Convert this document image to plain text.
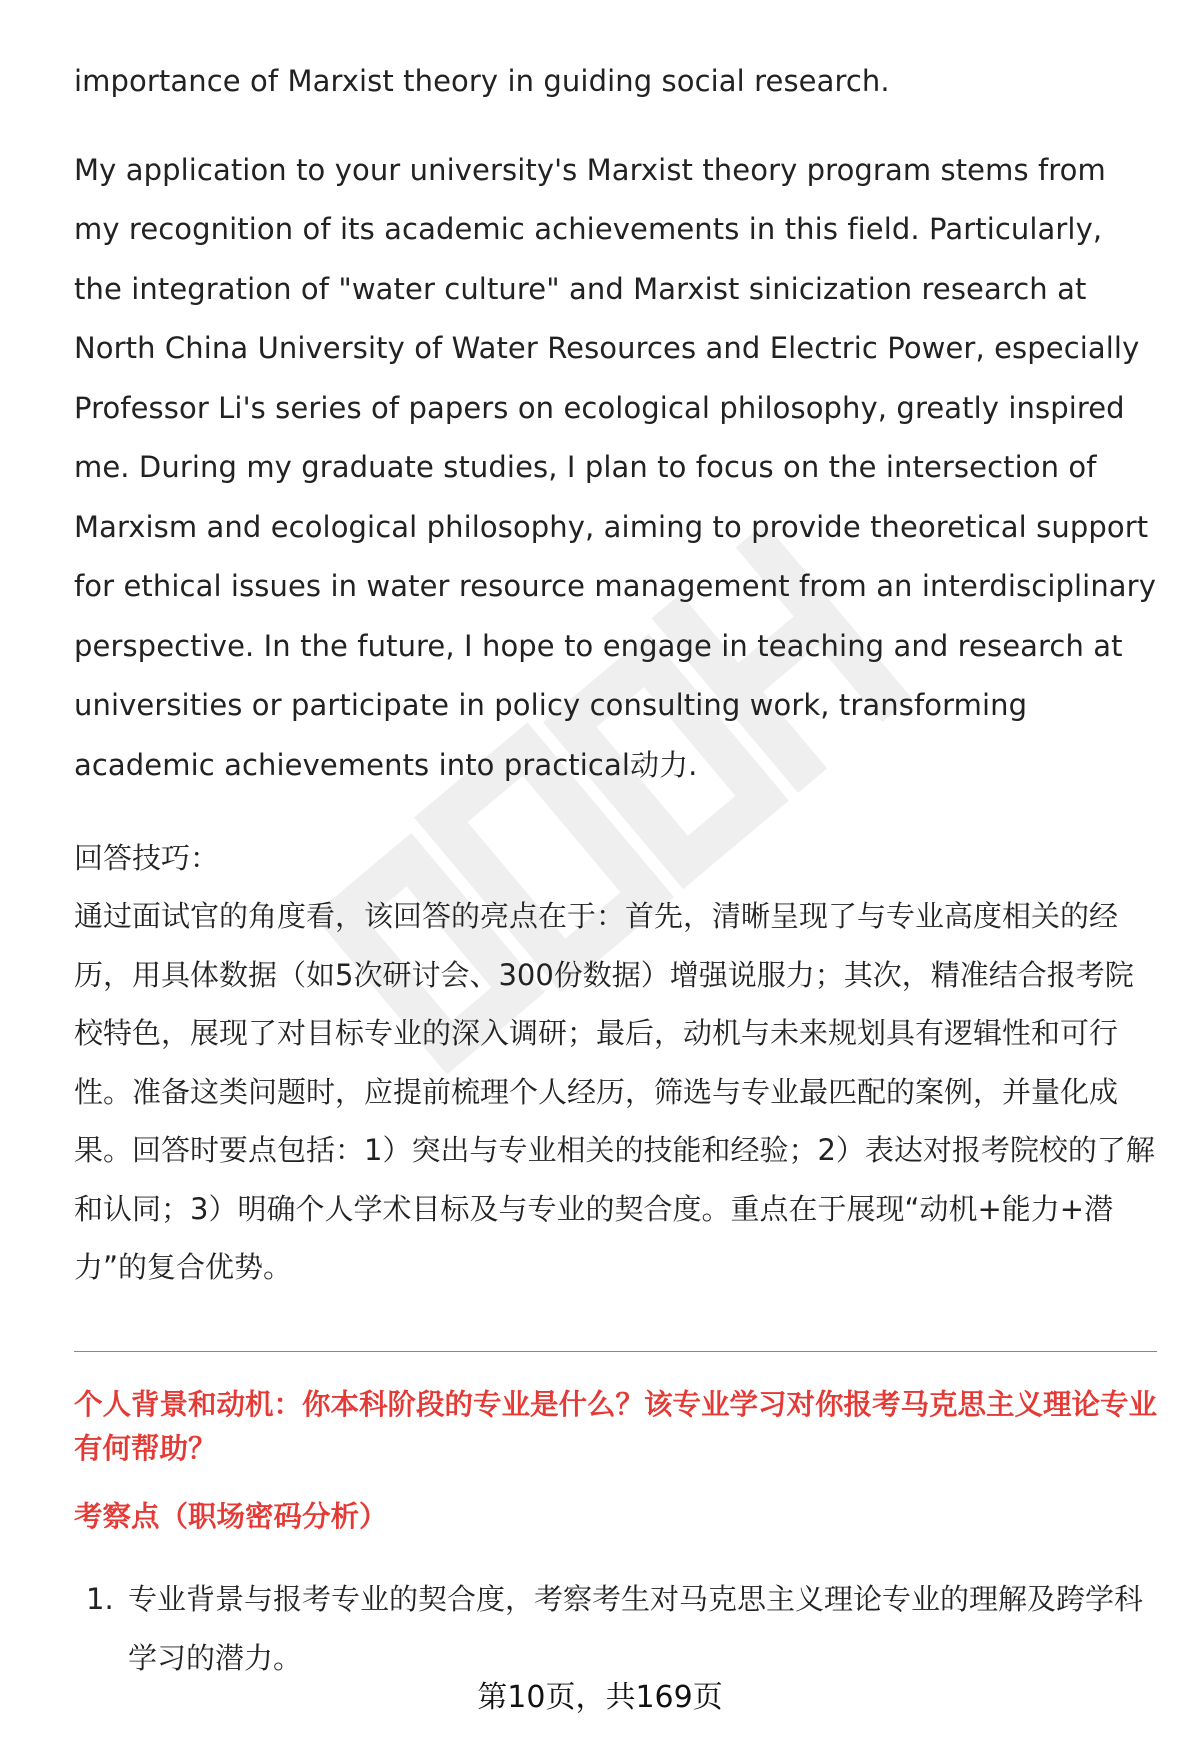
importance of Marxist theory in guiding social research.

My application to your university's Marxist theory program stems from my recognition of its academic achievements in this field. Particularly, the integration of "water culture" and Marxist sinicization research at North China University of Water Resources and Electric Power, especially Professor Li's series of papers on ecological philosophy, greatly inspired me. During my graduate studies, I plan to focus on the intersection of Marxism and ecological philosophy, aiming to provide theoretical support for ethical issues in water resource management from an interdisciplinary perspective. In the future, I hope to engage in teaching and research at universities or participate in policy consulting work, transforming academic achievements into practical动力.

回答技巧：

通过面试官的角度看，该回答的亮点在于：首先，清晰呈现了与专业高度相关的经历，用具体数据（如5次研讨会、300份数据）增强说服力；其次，精准结合报考院校特色，展现了对目标专业的深入调研；最后，动机与未来规划具有逻辑性和可行性。准备这类问题时，应提前梳理个人经历，筛选与专业最匹配的案例，并量化成果。回答时要点包括：1）突出与专业相关的技能和经验；2）表达对报考院校的了解和认同；3）明确个人学术目标及与专业的契合度。重点在于展现“动机+能力+潜力”的复合优势。

个人背景和动机：你本科阶段的专业是什么？该专业学习对你报考马克思主义理论专业有何帮助？

考察点（职场密码分析）

1. 专业背景与报考专业的契合度，考察考生对马克思主义理论专业的理解及跨学科学习的潜力。
第10页，共169页
